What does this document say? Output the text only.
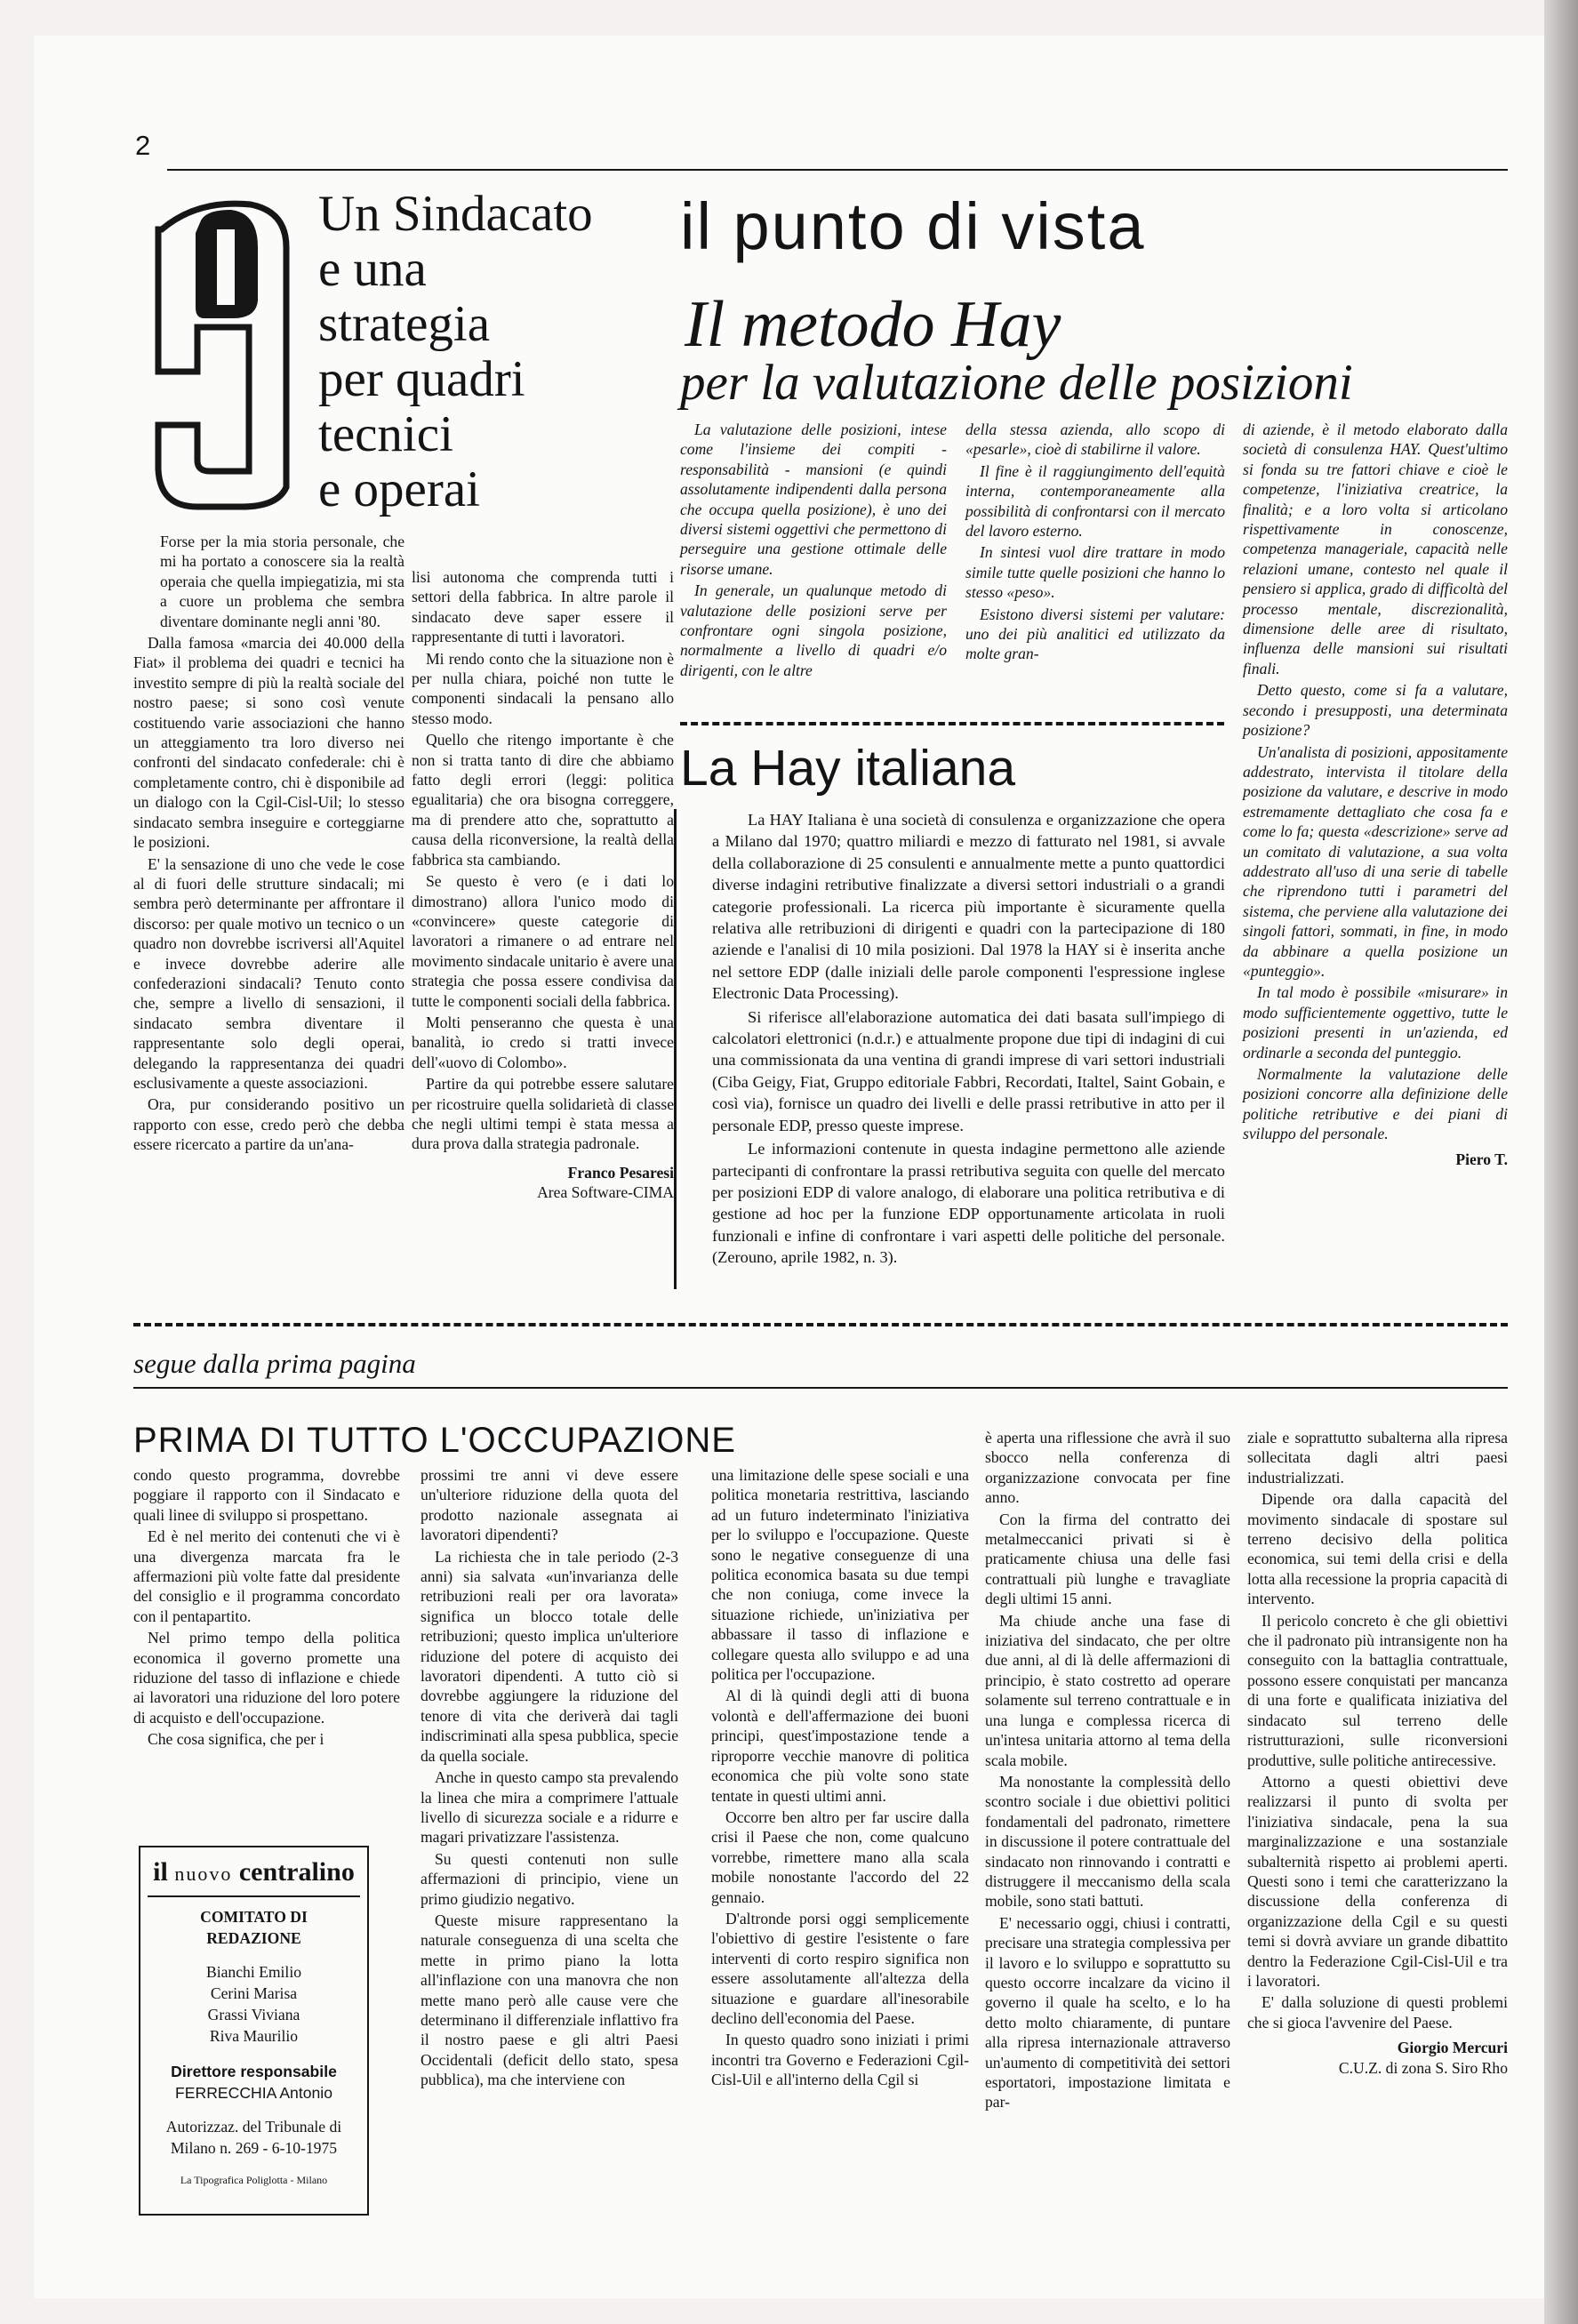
2
Un Sindacato
e una
strategia
per quadri
tecnici
e operai

Forse per la mia storia personale, che mi ha portato a conoscere sia la realtà operaia che quella impiegatizia, mi sta a cuore un problema che sembra diventare dominante negli anni '80.

Dalla famosa «marcia dei 40.000 della Fiat» il problema dei quadri e tecnici ha investito sempre di più la realtà sociale del nostro paese; si sono così venute costituendo varie associazioni che hanno un atteggiamento tra loro diverso nei confronti del sindacato confederale: chi è completamente contro, chi è disponibile ad un dialogo con la Cgil-Cisl-Uil; lo stesso sindacato sembra inseguire e corteggiarne le posizioni.

E' la sensazione di uno che vede le cose al di fuori delle strutture sindacali; mi sembra però determinante per affrontare il discorso: per quale motivo un tecnico o un quadro non dovrebbe iscriversi all'Aquitel e invece dovrebbe aderire alle confederazioni sindacali? Tenuto conto che, sempre a livello di sensazioni, il sindacato sembra diventare il rappresentante solo degli operai, delegando la rappresentanza dei quadri esclusivamente a queste associazioni.

Ora, pur considerando positivo un rapporto con esse, credo però che debba essere ricercato a partire da un'ana-

lisi autonoma che comprenda tutti i settori della fabbrica. In altre parole il sindacato deve saper essere il rappresentante di tutti i lavoratori.

Mi rendo conto che la situazione non è per nulla chiara, poiché non tutte le componenti sindacali la pensano allo stesso modo.

Quello che ritengo importante è che non si tratta tanto di dire che abbiamo fatto degli errori (leggi: politica egualitaria) che ora bisogna correggere, ma di prendere atto che, soprattutto a causa della riconversione, la realtà della fabbrica sta cambiando.

Se questo è vero (e i dati lo dimostrano) allora l'unico modo di «convincere» queste categorie di lavoratori a rimanere o ad entrare nel movimento sindacale unitario è avere una strategia che possa essere condivisa da tutte le componenti sociali della fabbrica.

Molti penseranno che questa è una banalità, io credo si tratti invece dell'«uovo di Colombo».

Partire da qui potrebbe essere salutare per ricostruire quella solidarietà di classe che negli ultimi tempi è stata messa a dura prova dalla strategia padronale.

Franco Pesaresi
Area Software-CIMA
il punto di vista
Il metodo Hay
per la valutazione delle posizioni

La valutazione delle posizioni, intese come l'insieme dei compiti - responsabilità - mansioni (e quindi assolutamente indipendenti dalla persona che occupa quella posizione), è uno dei diversi sistemi oggettivi che permettono di perseguire una gestione ottimale delle risorse umane.

In generale, un qualunque metodo di valutazione delle posizioni serve per confrontare ogni singola posizione, normalmente a livello di quadri e/o dirigenti, con le altre

della stessa azienda, allo scopo di «pesarle», cioè di stabilirne il valore.

Il fine è il raggiungimento dell'equità interna, contemporaneamente alla possibilità di confrontarsi con il mercato del lavoro esterno.

In sintesi vuol dire trattare in modo simile tutte quelle posizioni che hanno lo stesso «peso».

Esistono diversi sistemi per valutare: uno dei più analitici ed utilizzato da molte gran-

di aziende, è il metodo elaborato dalla società di consulenza HAY. Quest'ultimo si fonda su tre fattori chiave e cioè le competenze, l'iniziativa creatrice, la finalità; e a loro volta si articolano rispettivamente in conoscenze, competenza manageriale, capacità nelle relazioni umane, contesto nel quale il pensiero si applica, grado di difficoltà del processo mentale, discrezionalità, dimensione delle aree di risultato, influenza delle mansioni sui risultati finali.

Detto questo, come si fa a valutare, secondo i presupposti, una determinata posizione?

Un'analista di posizioni, appositamente addestrato, intervista il titolare della posizione da valutare, e descrive in modo estremamente dettagliato che cosa fa e come lo fa; questa «descrizione» serve ad un comitato di valutazione, a sua volta addestrato all'uso di una serie di tabelle che riprendono tutti i parametri del sistema, che pervienе alla valutazione dei singoli fattori, sommati, in fine, in modo da abbinare a quella posizione un «punteggio».

In tal modo è possibile «misurare» in modo sufficientemente oggettivo, tutte le posizioni presenti in un'azienda, ed ordinarle a seconda del punteggio.

Normalmente la valutazione delle posizioni concorre alla definizione delle politiche retributive e dei piani di sviluppo del personale.

Piero T.
La Hay italiana

La HAY Italiana è una società di consulenza e organizzazione che opera a Milano dal 1970; quattro miliardi e mezzo di fatturato nel 1981, si avvale della collaborazione di 25 consulenti e annualmente mette a punto quattordici diverse indagini retributive finalizzate a diversi settori industriali o a grandi categorie professionali. La ricerca più importante è sicuramente quella relativa alle retribuzioni di dirigenti e quadri con la partecipazione di 180 aziende e l'analisi di 10 mila posizioni. Dal 1978 la HAY si è inserita anche nel settore EDP (dalle iniziali delle parole componenti l'espressione inglese Electronic Data Processing).

Si riferisce all'elaborazione automatica dei dati basata sull'impiego di calcolatori elettronici (n.d.r.) e attualmente propone due tipi di indagini di cui una commissionata da una ventina di grandi imprese di vari settori industriali (Ciba Geigy, Fiat, Gruppo editoriale Fabbri, Recordati, Italtel, Saint Gobain, e così via), fornisce un quadro dei livelli e delle prassi retributive in atto per il personale EDP, presso queste imprese.

Le informazioni contenute in questa indagine permettono alle aziende partecipanti di confrontare la prassi retributiva seguita con quelle del mercato per posizioni EDP di valore analogo, di elaborare una politica retributiva e di gestione ad hoc per la funzione EDP opportunamente articolata in ruoli funzionali e infine di confrontare i vari aspetti delle politiche del personale. (Zerouno, aprile 1982, n. 3).

segue dalla prima pagina
PRIMA DI TUTTO L'OCCUPAZIONE

condo questo programma, dovrebbe poggiare il rapporto con il Sindacato e quali linee di sviluppo si prospettano.

Ed è nel merito dei contenuti che vi è una divergenza marcata fra le affermazioni più volte fatte dal presidente del consiglio e il programma concordato con il pentapartito.

Nel primo tempo della politica economica il governo promette una riduzione del tasso di inflazione e chiede ai lavoratori una riduzione del loro potere di acquisto e dell'occupazione.

Che cosa significa, che per i

il nuovo centralino
COMITATO DI REDAZIONE
Bianchi Emilio
Cerini Marisa
Grassi Viviana
Riva Maurilio
Direttore responsabile
FERRECCHIA Antonio
Autorizzaz. del Tribunale di Milano n. 269 - 6-10-1975
La Tipografica Poliglotta - Milano

prossimi tre anni vi deve essere un'ulteriore riduzione della quota del prodotto nazionale assegnata ai lavoratori dipendenti?

La richiesta che in tale periodo (2-3 anni) sia salvata «un'invarianza delle retribuzioni reali per ora lavorata» significa un blocco totale delle retribuzioni; questo implica un'ulteriore riduzione del potere di acquisto dei lavoratori dipendenti. A tutto ciò si dovrebbe aggiungere la riduzione del tenore di vita che deriverà dai tagli indiscriminati alla spesa pubblica, specie da quella sociale.

Anche in questo campo sta prevalendo la linea che mira a comprimere l'attuale livello di sicurezza sociale e a ridurre e magari privatizzare l'assistenza.

Su questi contenuti non sulle affermazioni di principio, viene un primo giudizio negativo.

Queste misure rappresentano la naturale conseguenza di una scelta che mette in primo piano la lotta all'inflazione con una manovra che non mette mano però alle cause vere che determinano il differenziale inflattivo fra il nostro paese e gli altri Paesi Occidentali (deficit dello stato, spesa pubblica), ma che interviene con

una limitazione delle spese sociali e una politica monetaria restrittiva, lasciando ad un futuro indeterminato l'iniziativa per lo sviluppo e l'occupazione. Queste sono le negative conseguenze di una politica economica basata su due tempi che non coniuga, come invece la situazione richiede, un'iniziativa per abbassare il tasso di inflazione e collegare questa allo sviluppo e ad una politica per l'occupazione.

Al di là quindi degli atti di buona volontà e dell'affermazione dei buoni principi, quest'impostazione tende a riproporre vecchie manovre di politica economica che più volte sono state tentate in questi ultimi anni.

Occorre ben altro per far uscire dalla crisi il Paese che non, come qualcuno vorrebbe, rimettere mano alla scala mobile nonostante l'accordo del 22 gennaio.

D'altronde porsi oggi semplicemente l'obiettivo di gestire l'esistente o fare interventi di corto respiro significa non essere assolutamente all'altezza della situazione e guardare all'inesorabile declino dell'economia del Paese.

In questo quadro sono iniziati i primi incontri tra Governo e Federazioni Cgil-Cisl-Uil e all'interno della Cgil si

è aperta una riflessione che avrà il suo sbocco nella conferenza di organizzazione convocata per fine anno.

Con la firma del contratto dei metalmeccanici privati si è praticamente chiusa una delle fasi contrattuali più lunghe e travagliate degli ultimi 15 anni.

Ma chiude anche una fase di iniziativa del sindacato, che per oltre due anni, al di là delle affermazioni di principio, è stato costretto ad operare solamente sul terreno contrattuale e in una lunga e complessa ricerca di un'intesa unitaria attorno al tema della scala mobile.

Ma nonostante la complessità dello scontro sociale i due obiettivi politici fondamentali del padronato, rimettere in discussione il potere contrattuale del sindacato non rinnovando i contratti e distruggere il meccanismo della scala mobile, sono stati battuti.

E' necessario oggi, chiusi i contratti, precisare una strategia complessiva per il lavoro e lo sviluppo e soprattutto su questo occorre incalzare da vicino il governo il quale ha scelto, e lo ha detto molto chiaramente, di puntare alla ripresa internazionale attraverso un'aumento di competitività dei settori esportatori, impostazione limitata e par-

ziale e soprattutto subalterna alla ripresa sollecitata dagli altri paesi industrializzati.

Dipende ora dalla capacità del movimento sindacale di spostare sul terreno decisivo della politica economica, sui temi della crisi e della lotta alla recessione la propria capacità di intervento.

Il pericolo concreto è che gli obiettivi che il padronato più intransigente non ha conseguito con la battaglia contrattuale, possono essere conquistati per mancanza di una forte e qualificata iniziativa del sindacato sul terreno delle ristrutturazioni, sulle riconversioni produttive, sulle politiche antirecessive.

Attorno a questi obiettivi deve realizzarsi il punto di svolta per l'iniziativa sindacale, pena la sua marginalizzazione e una sostanziale subalternità rispetto ai problemi aperti. Questi sono i temi che caratterizzano la discussione della conferenza di organizzazione della Cgil e su questi temi si dovrà avviare un grande dibattito dentro la Federazione Cgil-Cisl-Uil e tra i lavoratori.

E' dalla soluzione di questi problemi che si gioca l'avvenire del Paese.

Giorgio Mercuri
C.U.Z. di zona S. Siro Rho
